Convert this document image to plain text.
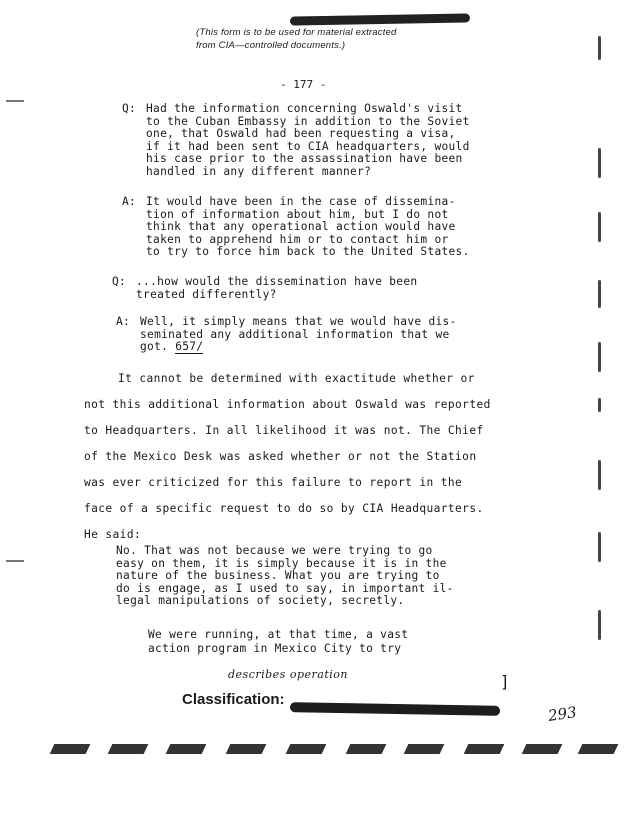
(This form is to be used for material extracted
from CIA—controlled documents.)
- 177 -
Q: Had the information concerning Oswald's visit
to the Cuban Embassy in addition to the Soviet
one, that Oswald had been requesting a visa,
if it had been sent to CIA headquarters, would
his case prior to the assassination have been
handled in any different manner?
A: It would have been in the case of dissemina-
tion of information about him, but I do not
think that any operational action would have
taken to apprehend him or to contact him or
to try to force him back to the United States.
Q: ...how would the dissemination have been
treated differently?
A: Well, it simply means that we would have dis-
seminated any additional information that we
got. 657/
It cannot be determined with exactitude whether or
not this additional information about Oswald was reported
to Headquarters. In all likelihood it was not. The Chief
of the Mexico Desk was asked whether or not the Station
was ever criticized for this failure to report in the
face of a specific request to do so by CIA Headquarters.
He said:
No. That was not because we were trying to go
easy on them, it is simply because it is in the
nature of the business. What you are trying to
do is engage, as I used to say, in important il-
legal manipulations of society, secretly.
We were running, at that time, a vast
action program in Mexico City to try
describes operation	]
Classification:
293
